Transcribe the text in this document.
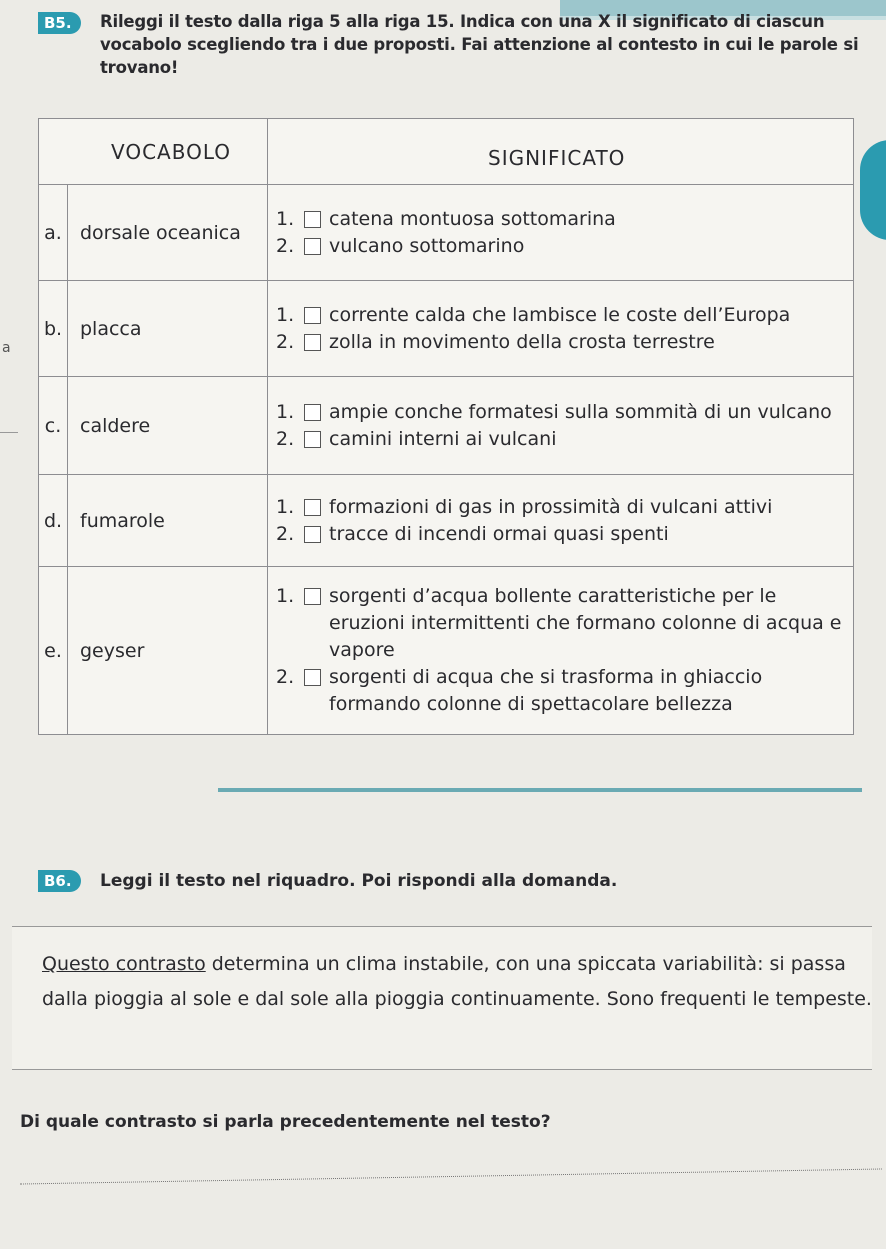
a
B5.	Rileggi il testo dalla riga 5 alla riga 15. Indica con una X il significato di ciascun vocabolo scegliendo tra i due proposti. Fai attenzione al contesto in cui le parole si trovano!
VOCABOLO		SIGNIFICATO
a.	dorsale oceanica	1. catena montuosa sottomarina
2. vulcano sottomarino

b.	placca	1. corrente calda che lambisce le coste dell’Europa
2. zolla in movimento della crosta terrestre

c.	caldere	1. ampie conche formatesi sulla sommità di un vulcano
2. camini interni ai vulcani

d.	fumarole	1. formazioni di gas in prossimità di vulcani attivi
2. tracce di incendi ormai quasi spenti

e.	geyser	1. sorgenti d’acqua bollente caratteristiche per le eruzioni intermittenti che formano colonne di acqua e vapore
2. sorgenti di acqua che si trasforma in ghiaccio formando colonne di spettacolare bellezza
B6.	Leggi il testo nel riquadro. Poi rispondi alla domanda.
Questo contrasto determina un clima instabile, con una spiccata variabilità: si passa dalla pioggia al sole e dal sole alla pioggia continuamente. Sono frequenti le tempeste.
Di quale contrasto si parla precedentemente nel testo?
